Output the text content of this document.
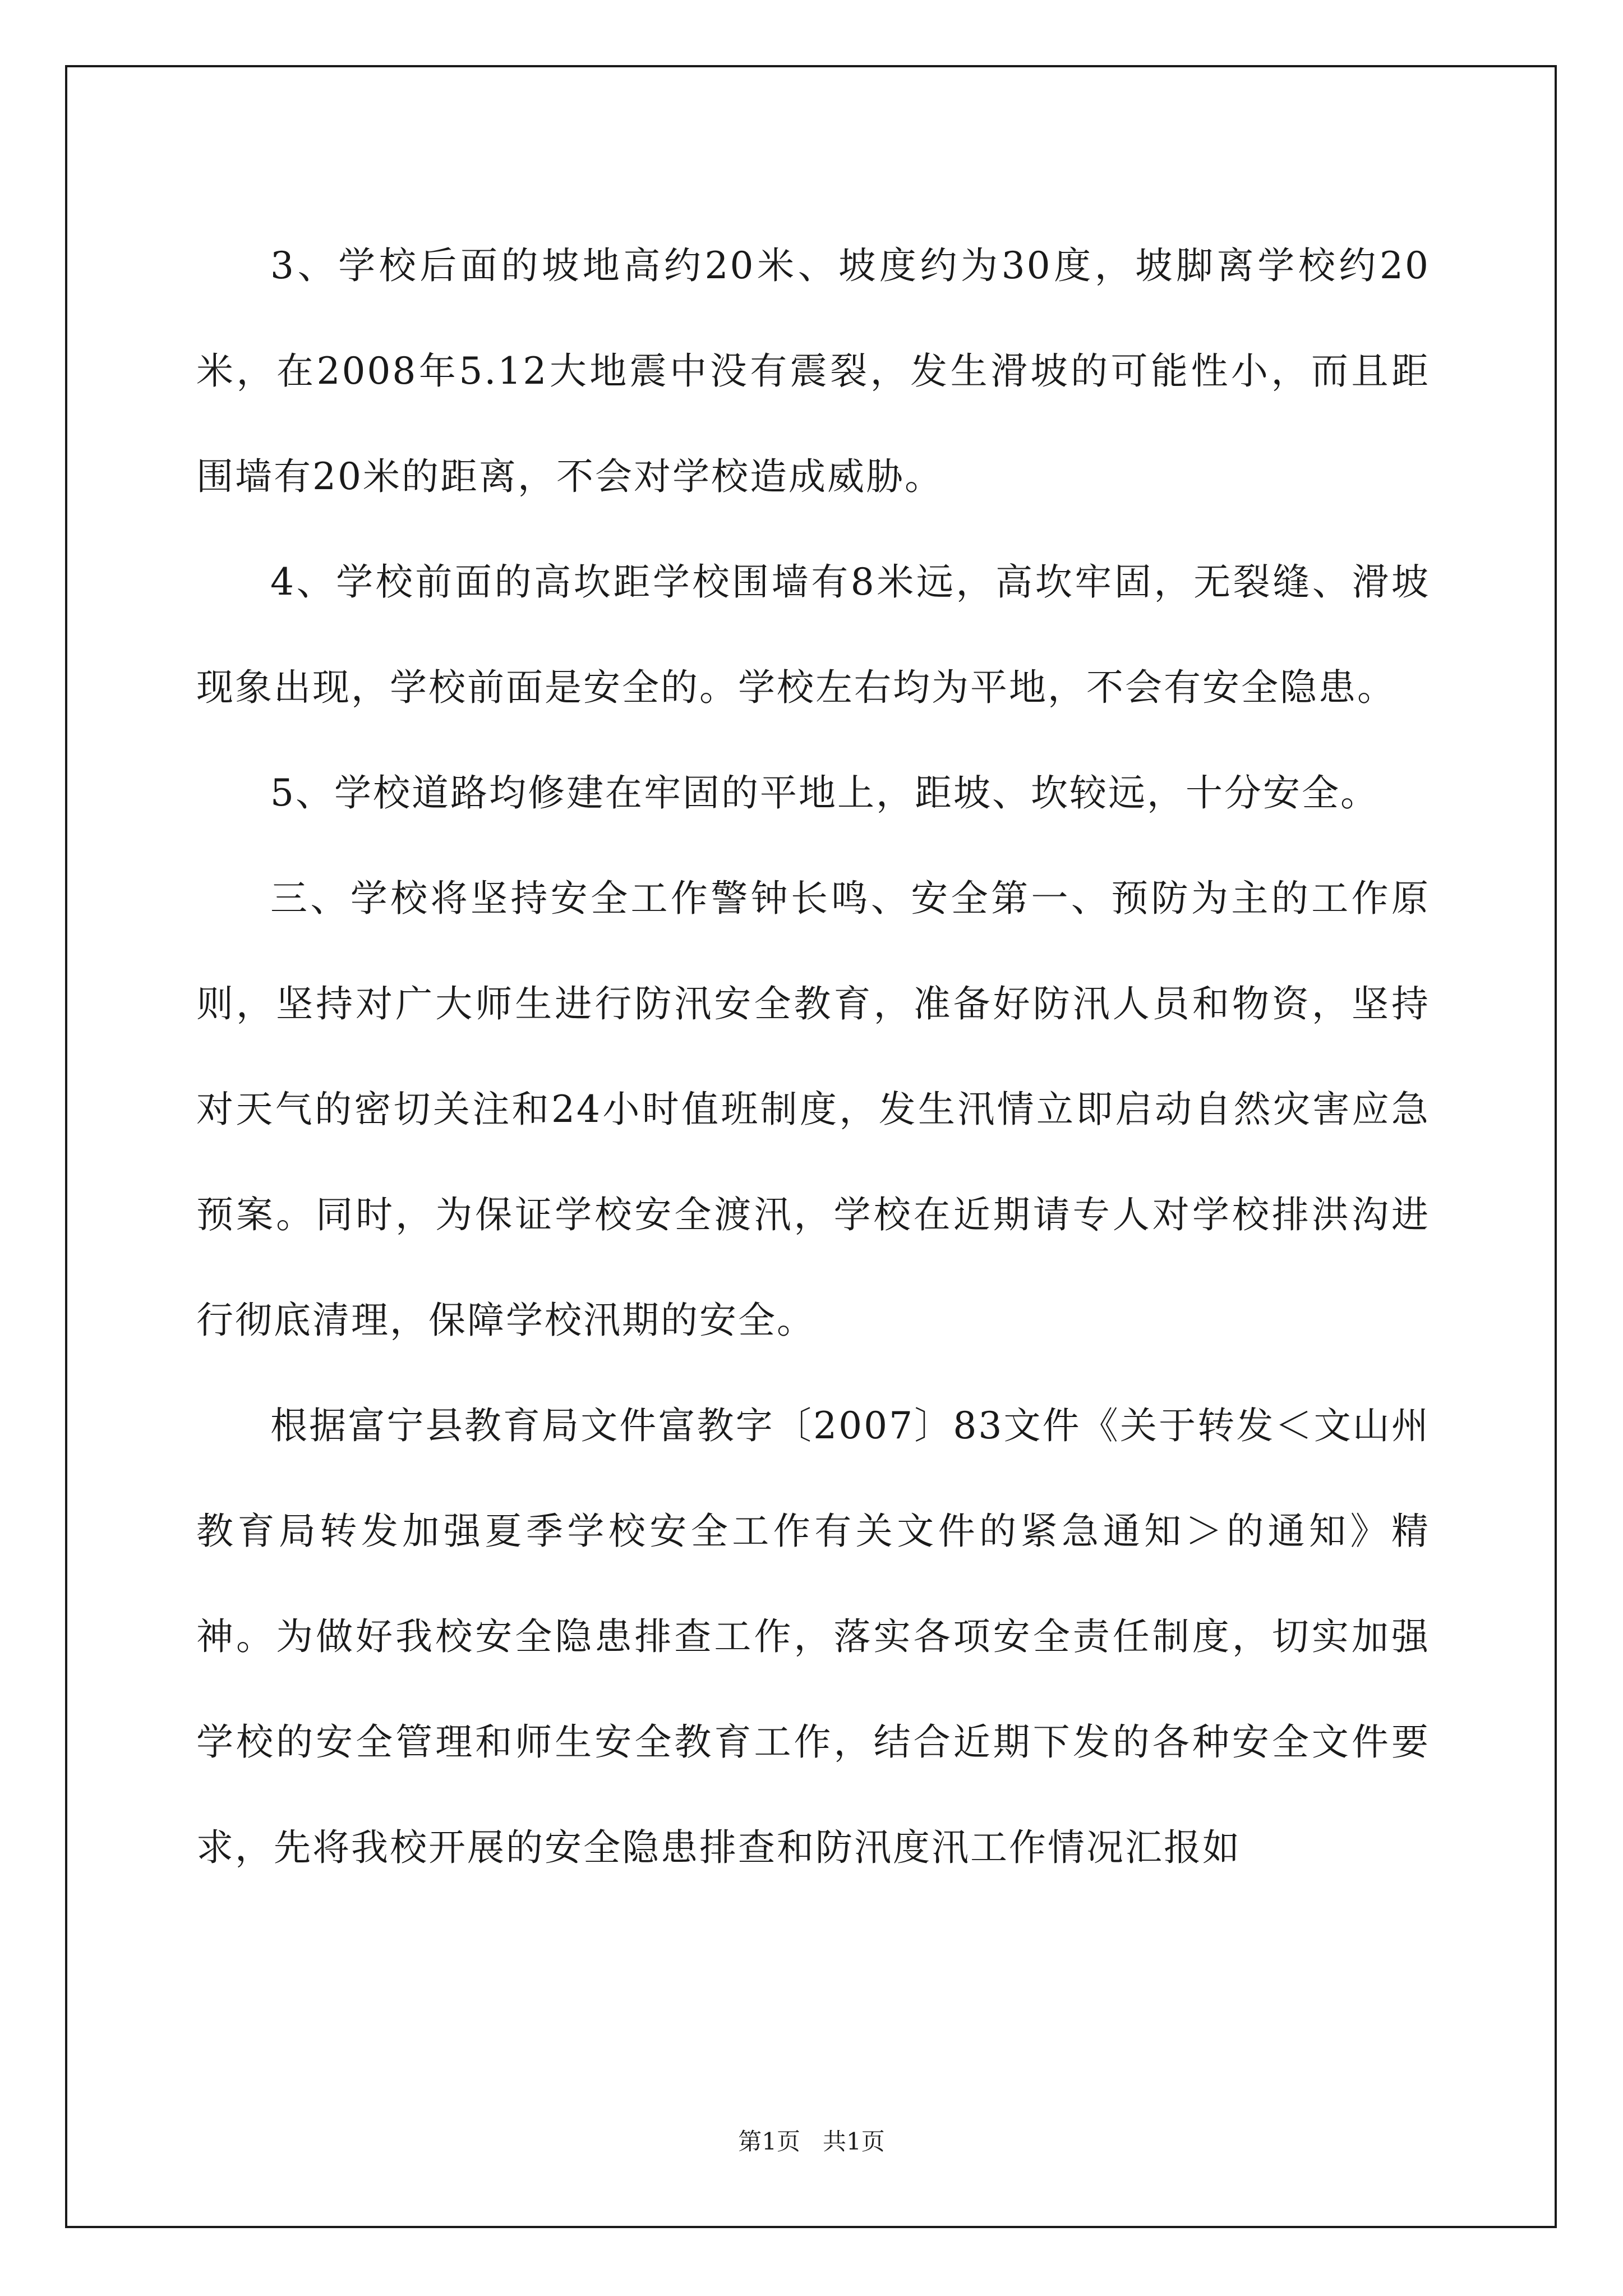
3、学校后面的坡地高约20米、坡度约为30度，坡脚离学校约20米，在2008年5.12大地震中没有震裂，发生滑坡的可能性小，而且距围墙有20米的距离，不会对学校造成威胁。

4、学校前面的高坎距学校围墙有8米远，高坎牢固，无裂缝、滑坡现象出现，学校前面是安全的。学校左右均为平地，不会有安全隐患。

5、学校道路均修建在牢固的平地上，距坡、坎较远，十分安全。

三、学校将坚持安全工作警钟长鸣、安全第一、预防为主的工作原则，坚持对广大师生进行防汛安全教育，准备好防汛人员和物资，坚持对天气的密切关注和24小时值班制度，发生汛情立即启动自然灾害应急预案。同时，为保证学校安全渡汛，学校在近期请专人对学校排洪沟进行彻底清理，保障学校汛期的安全。

根据富宁县教育局文件富教字〔2007〕83文件《关于转发＜文山州教育局转发加强夏季学校安全工作有关文件的紧急通知＞的通知》精神。为做好我校安全隐患排查工作，落实各项安全责任制度，切实加强学校的安全管理和师生安全教育工作，结合近期下发的各种安全文件要求，先将我校开展的安全隐患排查和防汛度汛工作情况汇报如

第1页 共1页
